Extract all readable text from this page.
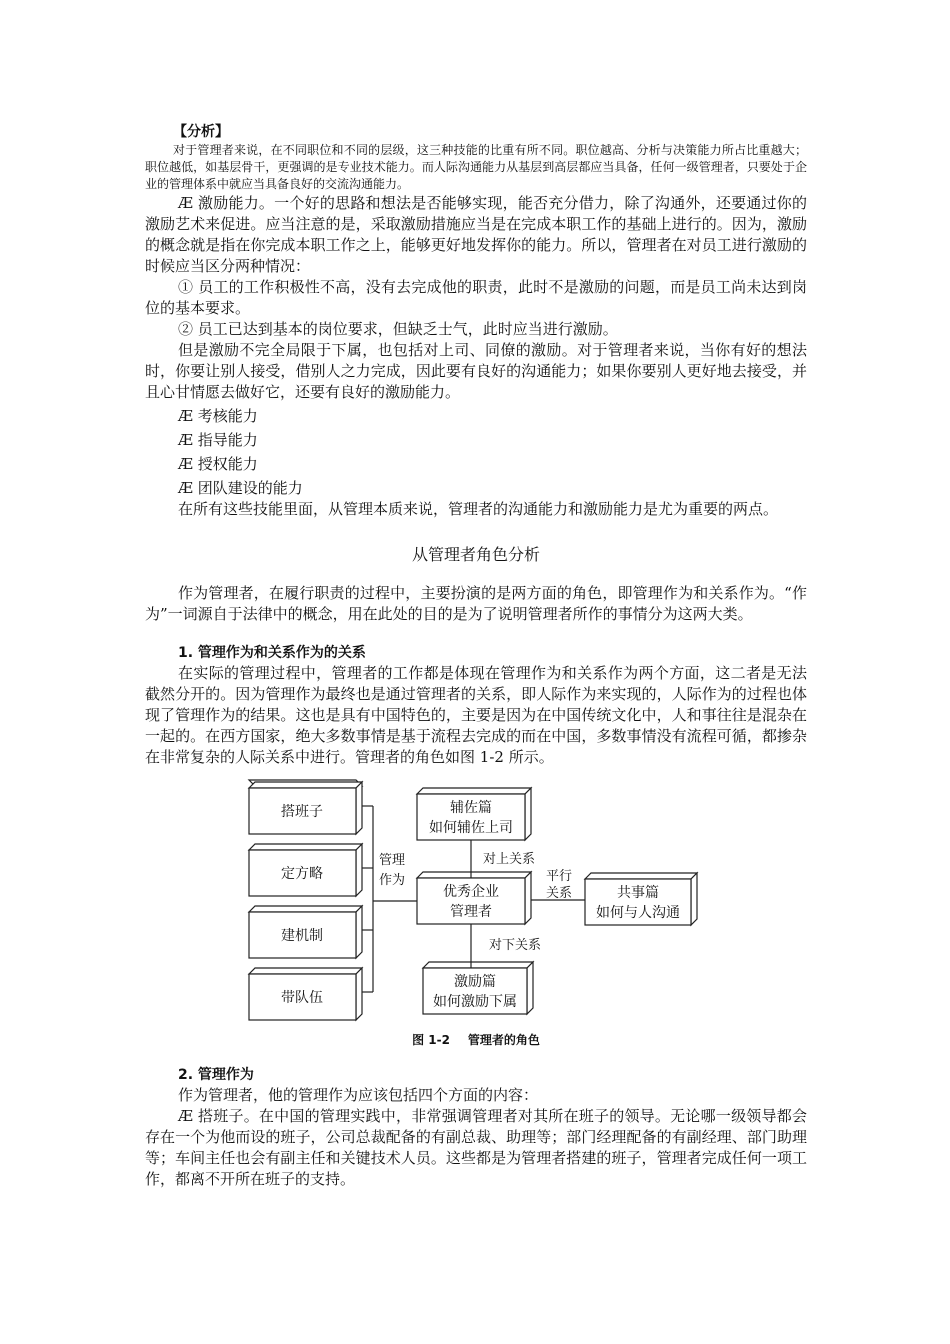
【分析】

对于管理者来说，在不同职位和不同的层级，这三种技能的比重有所不同。职位越高、分析与决策能力所占比重越大；职位越低，如基层骨干，更强调的是专业技术能力。而人际沟通能力从基层到高层都应当具备，任何一级管理者，只要处于企业的管理体系中就应当具备良好的交流沟通能力。

Æ 激励能力。一个好的思路和想法是否能够实现，能否充分借力，除了沟通外，还要通过你的激励艺术来促进。应当注意的是，采取激励措施应当是在完成本职工作的基础上进行的。因为，激励的概念就是指在你完成本职工作之上，能够更好地发挥你的能力。所以，管理者在对员工进行激励的时候应当区分两种情况：

① 员工的工作积极性不高，没有去完成他的职责，此时不是激励的问题，而是员工尚未达到岗位的基本要求。

② 员工已达到基本的岗位要求，但缺乏士气，此时应当进行激励。

但是激励不完全局限于下属，也包括对上司、同僚的激励。对于管理者来说，当你有好的想法时，你要让别人接受，借别人之力完成，因此要有良好的沟通能力；如果你要别人更好地去接受，并且心甘情愿去做好它，还要有良好的激励能力。

Æ 考核能力

Æ 指导能力

Æ 授权能力

Æ 团队建设的能力

在所有这些技能里面，从管理本质来说，管理者的沟通能力和激励能力是尤为重要的两点。

从管理者角色分析

作为管理者，在履行职责的过程中，主要扮演的是两方面的角色，即管理作为和关系作为。“作为”一词源自于法律中的概念，用在此处的目的是为了说明管理者所作的事情分为这两大类。

1. 管理作为和关系作为的关系

在实际的管理过程中，管理者的工作都是体现在管理作为和关系作为两个方面，这二者是无法截然分开的。因为管理作为最终也是通过管理者的关系，即人际作为来实现的，人际作为的过程也体现了管理作为的结果。这也是具有中国特色的，主要是因为在中国传统文化中，人和事往往是混杂在一起的。在西方国家，绝大多数事情是基于流程去完成的而在中国，多数事情没有流程可循，都掺杂在非常复杂的人际关系中进行。管理者的角色如图 1-2 所示。

搭班子
定方略
建机制
带队伍
管理
作为
辅佐篇
如何辅佐上司
对上关系
优秀企业
管理者
平行
关系	共事篇
如何与人沟通
对下关系
激励篇
如何激励下属

图 1-2 管理者的角色

2. 管理作为

作为管理者，他的管理作为应该包括四个方面的内容：

Æ 搭班子。在中国的管理实践中，非常强调管理者对其所在班子的领导。无论哪一级领导都会存在一个为他而设的班子，公司总裁配备的有副总裁、助理等；部门经理配备的有副经理、部门助理等；车间主任也会有副主任和关键技术人员。这些都是为管理者搭建的班子，管理者完成任何一项工作，都离不开所在班子的支持。
